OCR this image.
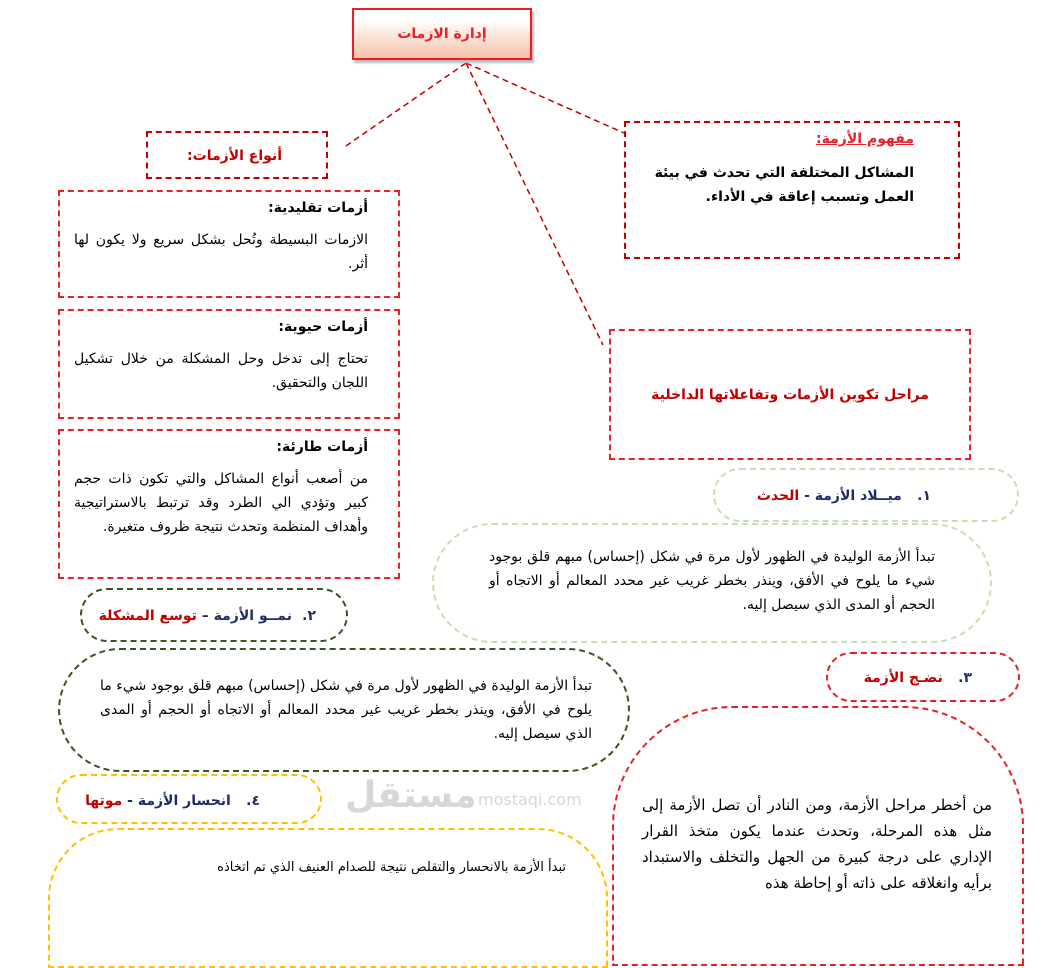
إدارة الازمات
مفهوم الأزمة:
المشاكل المختلفة التي تحدث في بيئة العمل وتسبب إعاقة في الأداء.
أنواع الأزمات:
أزمات تقليدية:
الازمات البسيطة وتُحل بشكل سريع ولا يكون لها أثر.
أزمات حيوية:
تحتاج إلى تدخل وحل المشكلة من خلال تشكيل اللجان والتحقيق.
أزمات طارئة:
من أصعب أنواع المشاكل والتي تكون ذات حجم كبير وتؤدي الي الطرد وقد ترتبط بالاستراتيجية وأهداف المنظمة وتحدث نتيجة ظروف متغيرة.
مراحل تكوين الأزمات وتفاعلاتها الداخلية
١.   ميــلاد الأزمة - الحدث
تبدأ الأزمة الوليدة في الظهور لأول مرة في شكل (إحساس) مبهم قلق بوجود شيء ما يلوح في الأفق، وينذر بخطر غريب غير محدد المعالم أو الاتجاه أو الحجم أو المدى الذي سيصل إليه.
٢.  نمــو الأزمة – توسع المشكلة
تبدأ الأزمة الوليدة في الظهور لأول مرة في شكل (إحساس) مبهم قلق بوجود شيء ما يلوح في الأفق، وينذر بخطر غريب غير محدد المعالم أو الاتجاه أو الحجم أو المدى الذي سيصل إليه.
٣.   نضـج الأزمة
من أخطر مراحل الأزمة، ومن النادر أن تصل الأزمة إلى مثل هذه المرحلة، وتحدث عندما يكون متخذ القرار الإداري على درجة كبيرة من الجهل والتخلف والاستبداد برأيه وانغلاقه على ذاته أو إحاطة هذه
٤.   انحسار الأزمة - موتها
تبدأ الأزمة بالانحسار والتقلص نتيجة للصدام العنيف الذي تم اتخاذه
مستقل mostaqi.com
